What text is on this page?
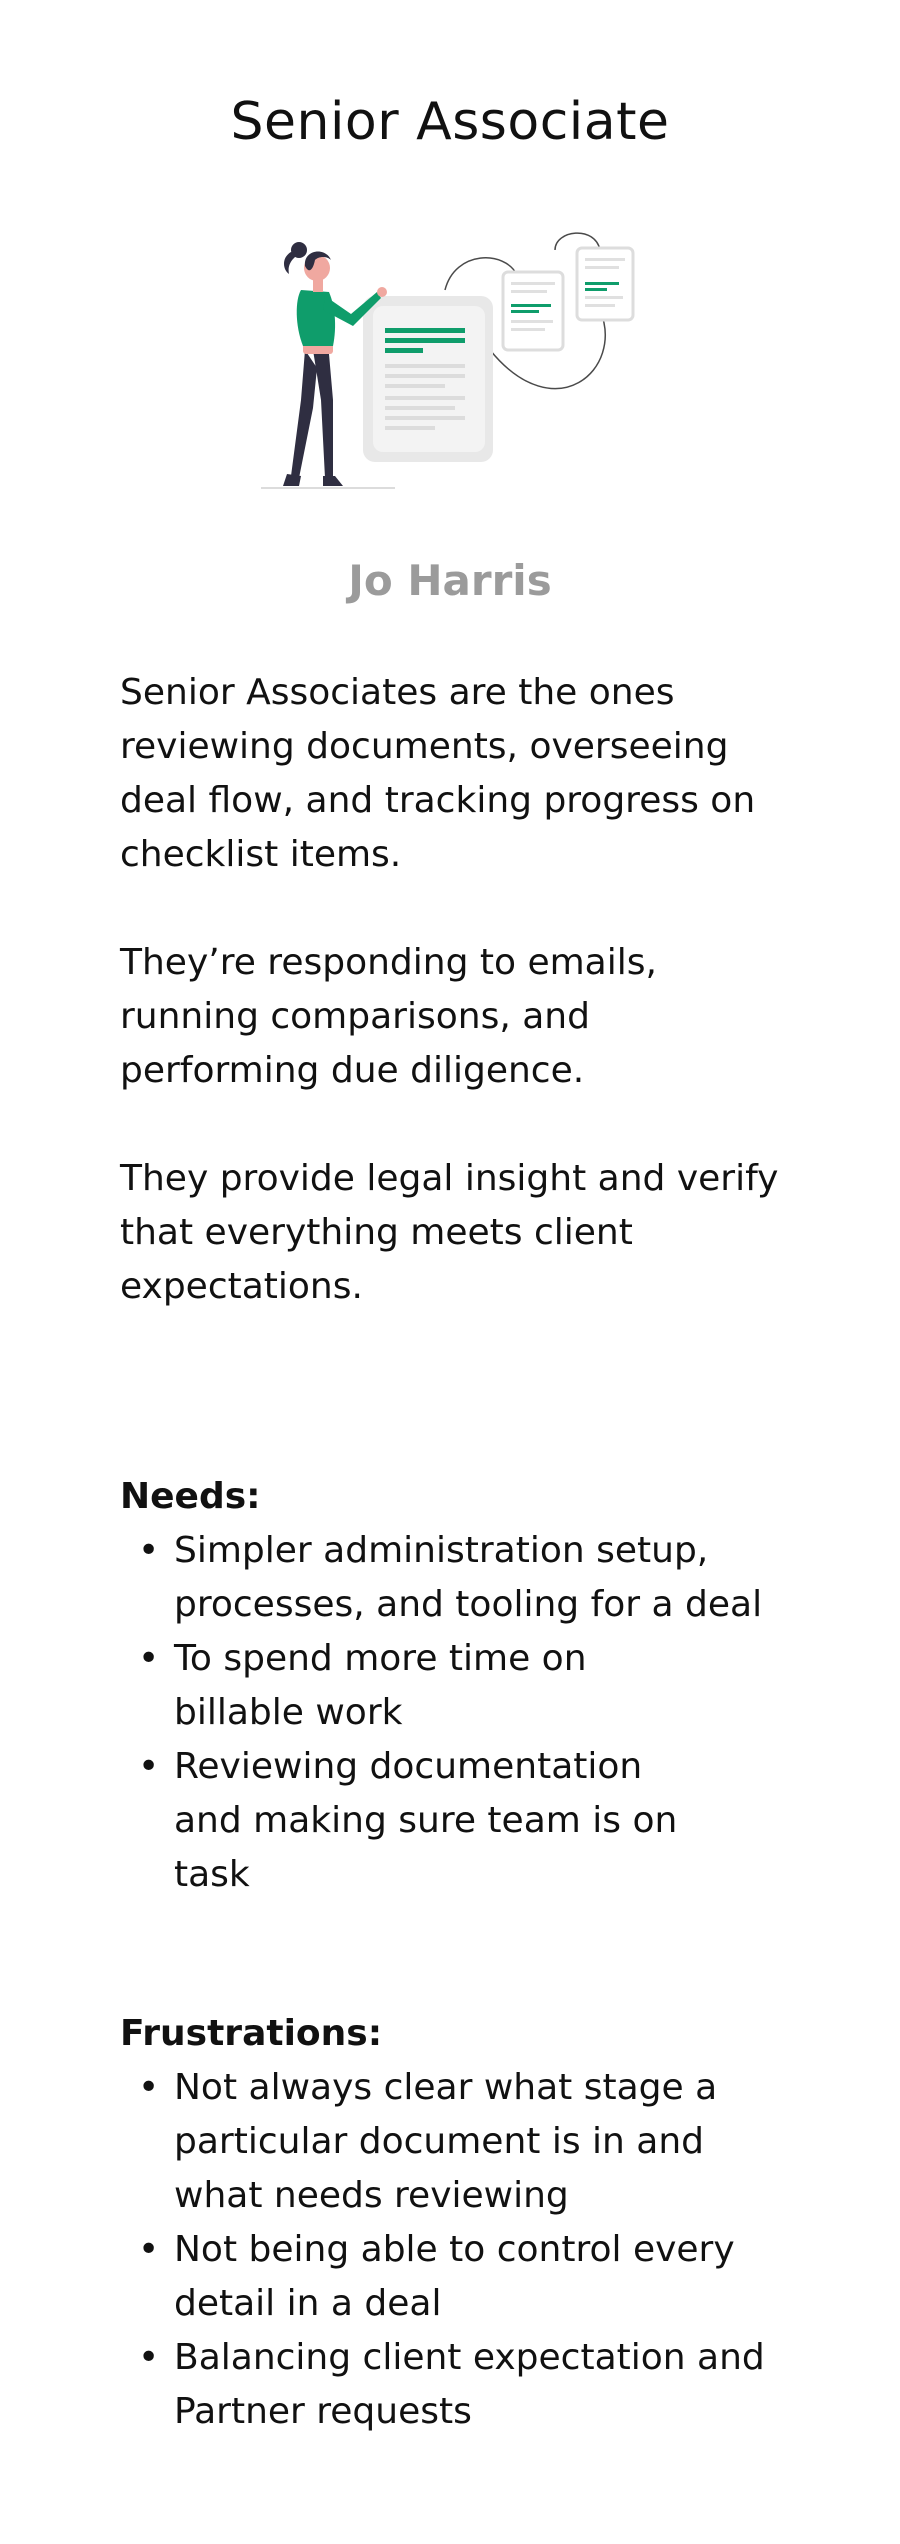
Senior Associate
Jo Harris

Senior Associates are the ones reviewing documents, overseeing deal flow, and tracking progress on checklist items.

They’re responding to emails, running comparisons, and performing due diligence.

They provide legal insight and verify that everything meets client expectations.

Needs:
• Simpler administration setup, processes, and tooling for a deal
• To spend more time on billable work
• Reviewing documentation and making sure team is on task
Frustrations:
• Not always clear what stage a particular document is in and what needs reviewing
• Not being able to control every detail in a deal
• Balancing client expectation and Partner requests
